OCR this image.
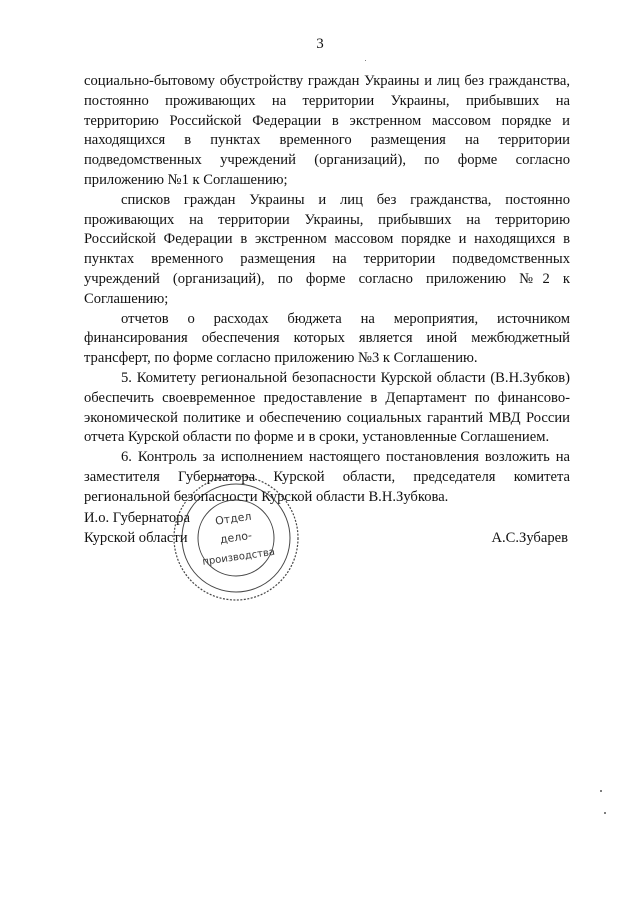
3

социально-бытовому обустройству граждан Украины и лиц без гражданства, постоянно проживающих на территории Украины, прибывших на территорию Российской Федерации в экстренном массовом порядке и находящихся в пунктах временного размещения на территории подведомственных учреждений (организаций), по форме согласно приложению №1 к Соглашению;

списков граждан Украины и лиц без гражданства, постоянно проживающих на территории Украины, прибывших на территорию Российской Федерации в экстренном массовом порядке и находящихся в пунктах временного размещения на территории подведомственных учреждений (организаций), по форме согласно приложению №2 к Соглашению;

отчетов о расходах бюджета на мероприятия, источником финансирования обеспечения которых является иной межбюджетный трансферт, по форме согласно приложению №3 к Соглашению.

5. Комитету региональной безопасности Курской области (В.Н.Зубков) обеспечить своевременное предоставление в Департамент по финансово-экономической политике и обеспечению социальных гарантий МВД России отчета Курской области по форме и в сроки, установленные Соглашением.

6. Контроль за исполнением настоящего постановления возложить на заместителя Губернатора Курской области, председателя комитета региональной безопасности Курской области В.Н.Зубкова.

И.о. Губернатора
Курской области	А.С.Зубарев
Отдел
дело-
производства
